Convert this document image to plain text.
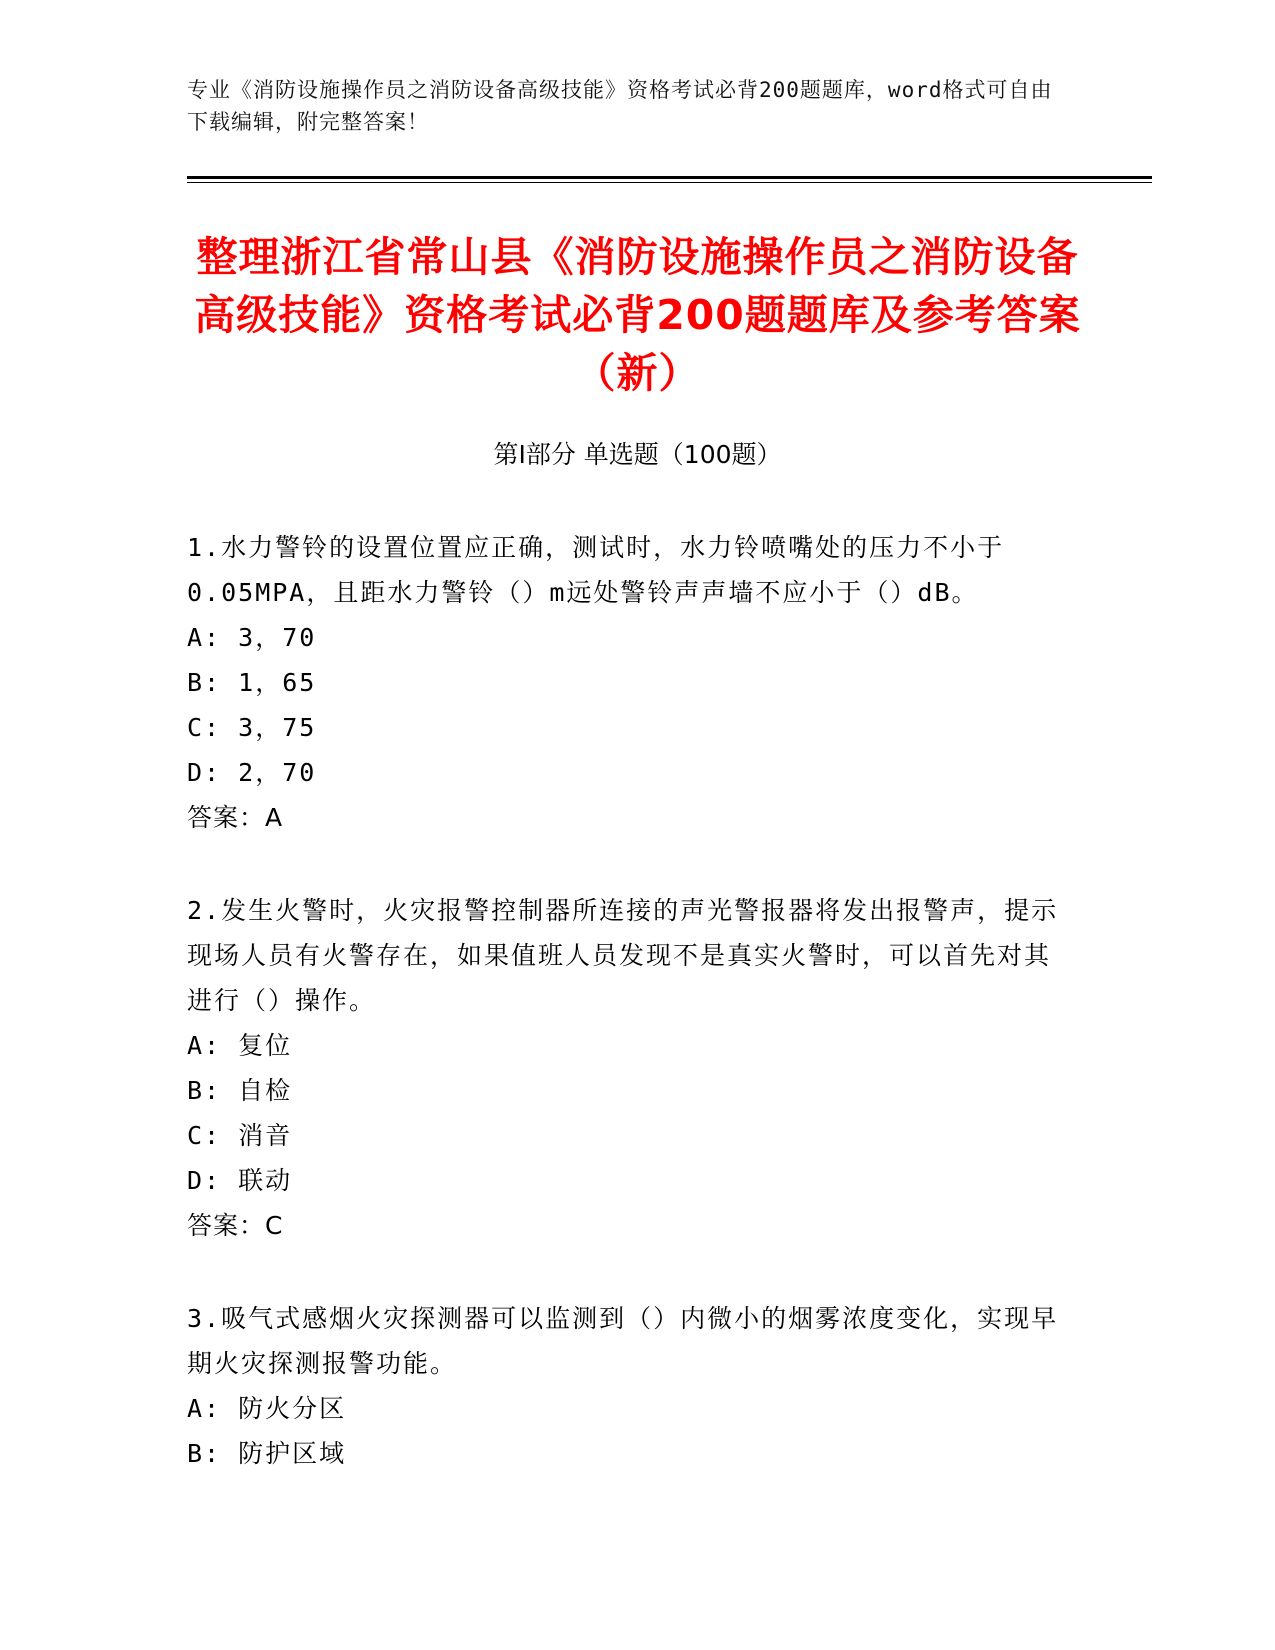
专业《消防设施操作员之消防设备高级技能》资格考试必背200题题库，word格式可自由下载编辑，附完整答案！
整理浙江省常山县《消防设施操作员之消防设备高级技能》资格考试必背200题题库及参考答案（新）
第Ⅰ部分 单选题（100题）

1.水力警铃的设置位置应正确，测试时，水力铃喷嘴处的压力不小于0.05MPA，且距水力警铃（）m远处警铃声声墙不应小于（）dB。

A: 3，70

B: 1，65

C: 3，75

D: 2，70

答案：A

2.发生火警时，火灾报警控制器所连接的声光警报器将发出报警声，提示现场人员有火警存在，如果值班人员发现不是真实火警时，可以首先对其进行（）操作。

A: 复位

B: 自检

C: 消音

D: 联动

答案：C

3.吸气式感烟火灾探测器可以监测到（）内微小的烟雾浓度变化，实现早期火灾探测报警功能。

A: 防火分区

B: 防护区域
